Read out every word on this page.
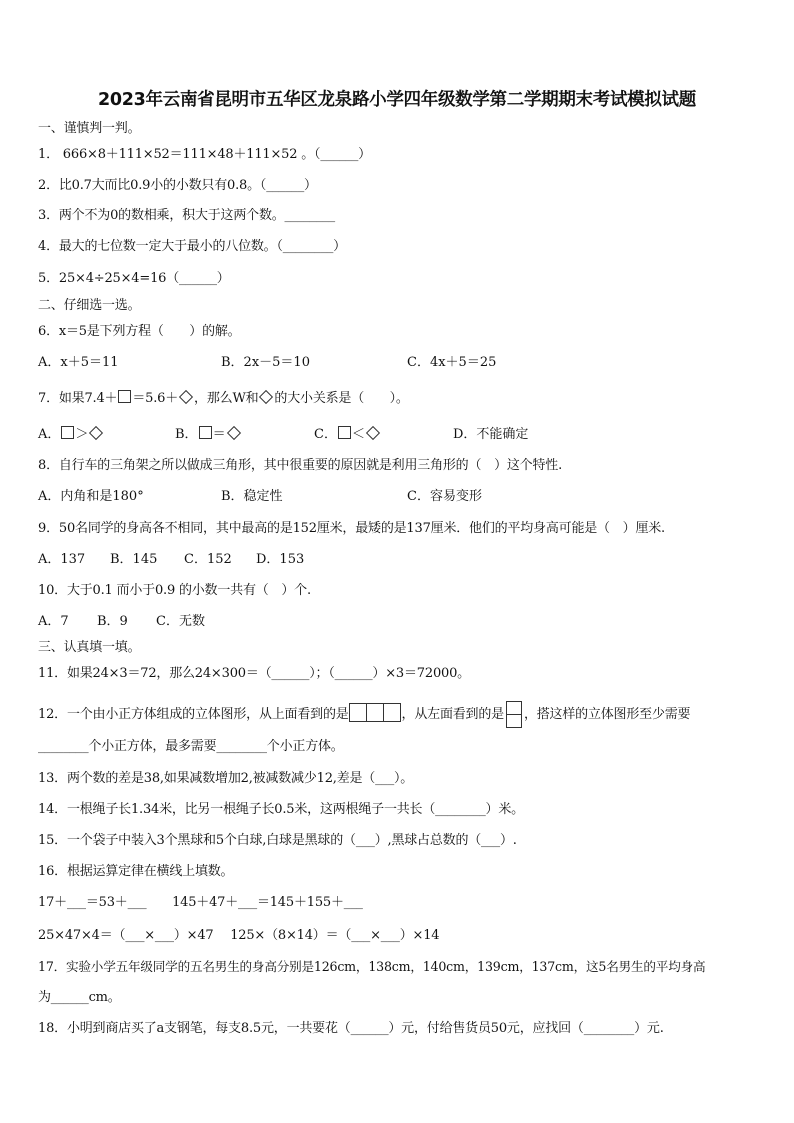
2023年云南省昆明市五华区龙泉路小学四年级数学第二学期期末考试模拟试题
一、谨慎判一判。
1． 666×8＋111×52＝111×48＋111×52 。（______）
2．比0.7大而比0.9小的小数只有0.8。（______）
3．两个不为0的数相乘，积大于这两个数。________
4．最大的七位数一定大于最小的八位数。（________）
5．25×4÷25×4=16（______）
二、仔细选一选。
6．x＝5是下列方程（　　）的解。
A．x＋5＝11	B．2x－5＝10	C．4x＋5＝25
7．如果7.4＋ ＝5.6＋ ，那么W和 的大小关系是（　　）。
A． ＞	B． ＝	C． ＜	D．不能确定
8．自行车的三角架之所以做成三角形，其中很重要的原因就是利用三角形的（　）这个特性.
A．内角和是180°	B．稳定性	C．容易变形
9．50名同学的身高各不相同，其中最高的是152厘米，最矮的是137厘米．他们的平均身高可能是（　）厘米.
A．137 B．145 C．152 D．153
10．大于0.1 而小于0.9 的小数一共有（　）个.
A．7 B．9 C．无数
三、认真填一填。
11．如果24×3＝72，那么24×300＝（______）；（______）×3＝72000。
12．一个由小正方体组成的立体图形，从上面看到的是	，从左面看到的是 ，搭这样的立体图形至少需要
________个小正方体，最多需要________个小正方体。
13．两个数的差是38,如果减数增加2,被减数减少12,差是（___）。
14．一根绳子长1.34米，比另一根绳子长0.5米，这两根绳子一共长（________）米。
15．一个袋子中装入3个黑球和5个白球,白球是黑球的（___）,黑球占总数的（___）.
16．根据运算定律在横线上填数。
17＋___＝53＋___　　145＋47＋___＝145＋155＋___
25×47×4＝（___×___）×47　 125×（8×14）＝（___×___）×14
17．实验小学五年级同学的五名男生的身高分别是126cm，138cm，140cm，139cm，137cm，这5名男生的平均身高
为______cm。
18．小明到商店买了a支钢笔，每支8.5元，一共要花（______）元，付给售货员50元，应找回（________）元.
